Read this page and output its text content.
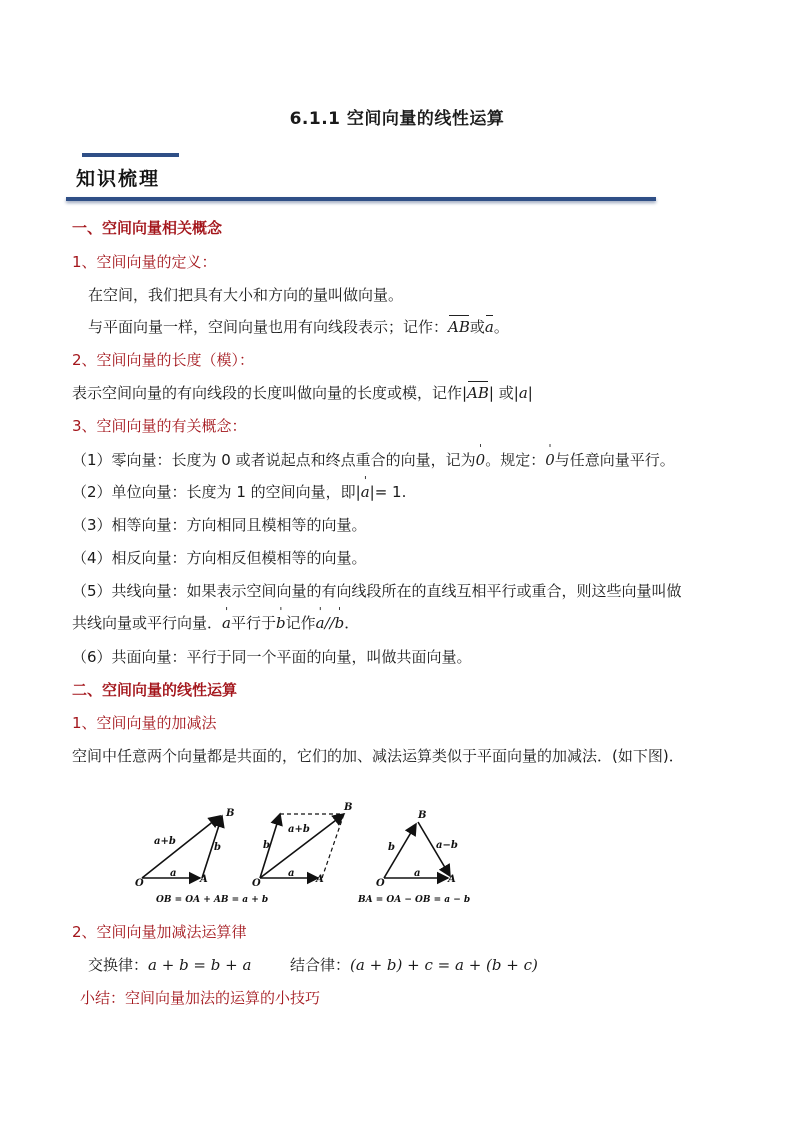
6.1.1 空间向量的线性运算
知识梳理
一、空间向量相关概念
1、空间向量的定义：
在空间，我们把具有大小和方向的量叫做向量。
与平面向量一样，空间向量也用有向线段表示；记作：AB或a。
2、空间向量的长度（模）：
表示空间向量的有向线段的长度叫做向量的长度或模，记作|AB| 或|a|
3、空间向量的有关概念：
（1）零向量：长度为 0 或者说起点和终点重合的向量，记为' 0。规定：' 0与任意向量平行。
（2）单位向量：长度为 1 的空间向量，即|' a|= 1.
（3）相等向量：方向相同且模相等的向量。
（4）相反向量：方向相反但模相等的向量。
（5）共线向量：如果表示空间向量的有向线段所在的直线互相平行或重合，则这些向量叫做
共线向量或平行向量．' a平行于' b记作' a//' b．
（6）共面向量：平行于同一个平面的向量，叫做共面向量。
二、空间向量的线性运算
1、空间向量的加减法
空间中任意两个向量都是共面的，它们的加、减法运算类似于平面向量的加减法．(如下图)．
O	A
B
a+b
a
b
OB = OA + AB = a + b
O	A
B
a+b
a
b
O	A
B
a−b
a
b
BA = OA − OB = a − b
2、空间向量加减法运算律
交换律：a + b = b + a	结合律：(a + b) + c = a + (b + c)
小结：空间向量加法的运算的小技巧
